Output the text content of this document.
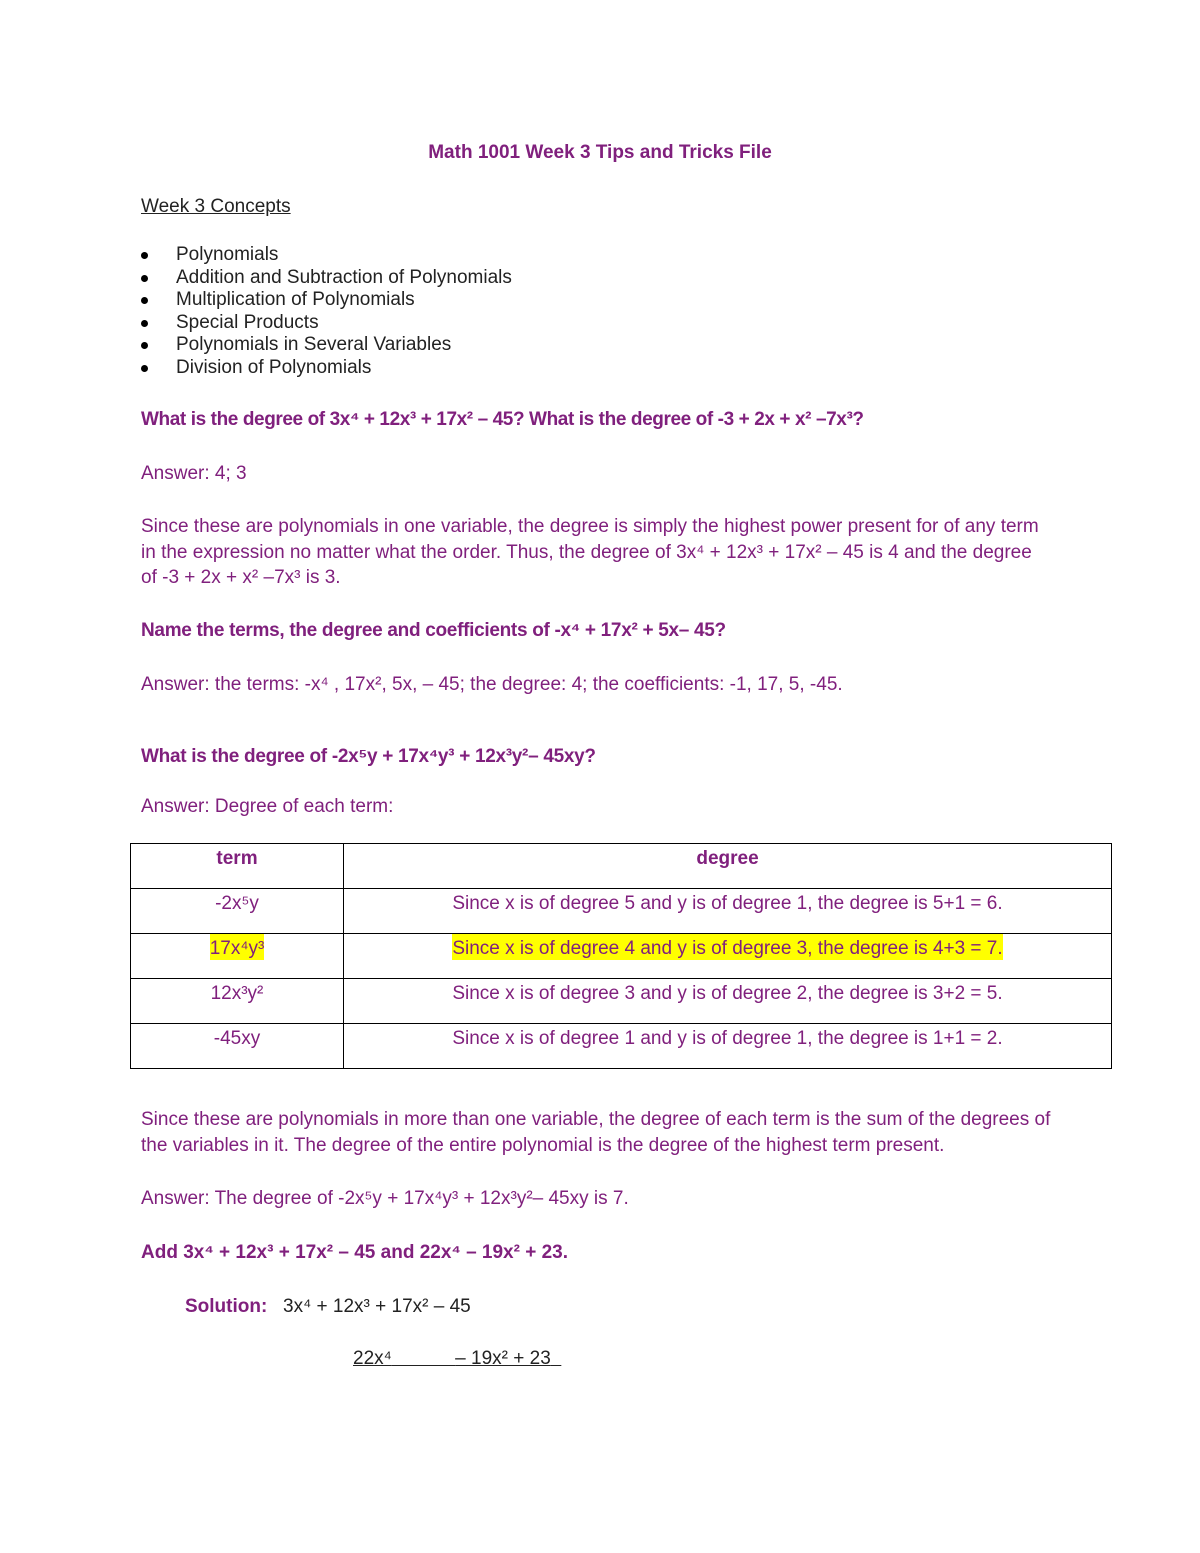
Math 1001 Week 3 Tips and Tricks File
Week 3 Concepts
Polynomials
Addition and Subtraction of Polynomials
Multiplication of Polynomials
Special Products
Polynomials in Several Variables
Division of Polynomials
What is the degree of 3x⁴ + 12x³ + 17x² – 45? What is the degree of -3 + 2x + x² –7x³?
Answer: 4; 3
Since these are polynomials in one variable, the degree is simply the highest power present for of any term in the expression no matter what the order. Thus, the degree of 3x⁴ + 12x³ + 17x² – 45 is 4 and the degree of -3 + 2x + x² –7x³ is 3.
Name the terms, the degree and coefficients of -x⁴ + 17x² + 5x– 45?
Answer: the terms: -x⁴ , 17x², 5x, – 45; the degree: 4; the coefficients: -1, 17, 5, -45.
What is the degree of -2x⁵y + 17x⁴y³ + 12x³y²– 45xy?
Answer: Degree of each term:
term	degree
-2x⁵y	Since x is of degree 5 and y is of degree 1, the degree is 5+1 = 6.
17x⁴y³	Since x is of degree 4 and y is of degree 3, the degree is 4+3 = 7.
12x³y²	Since x is of degree 3 and y is of degree 2, the degree is 3+2 = 5.
-45xy	Since x is of degree 1 and y is of degree 1, the degree is 1+1 = 2.
Since these are polynomials in more than one variable, the degree of each term is the sum of the degrees of the variables in it. The degree of the entire polynomial is the degree of the highest term present.
Answer: The degree of -2x⁵y + 17x⁴y³ + 12x³y²– 45xy is 7.
Add 3x⁴ + 12x³ + 17x² – 45 and 22x⁴ – 19x² + 23.
Solution: 3x⁴ + 12x³ + 17x² – 45
22x⁴	– 19x² + 23
